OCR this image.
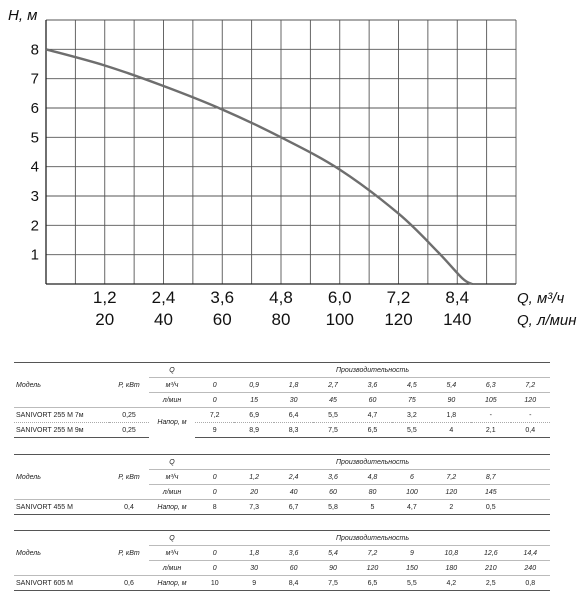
H, м
1
2
3
4
5
6
7
8
1,2 2,4 3,6 4,8 6,0 7,2 8,4
20 40 60 80 100 120 140
Q, м³/ч
Q, л/мин
		Q	Производительность								
Модель	P, кВт	м³/ч	0	0,9	1,8	2,7	3,6	4,5	5,4	6,3	7,2
		л/мин	0	15	30	45	60	75	90	105	120
SANIVORT 255 M 7м	0,25	Напор, м	7,2	6,9	6,4	5,5	4,7	3,2	1,8	-	-
SANIVORT 255 M 9м	0,25		9	8,9	8,3	7,5	6,5	5,5	4	2,1	0,4
		Q	Производительность								
Модель	P, кВт	м³/ч	0	1,2	2,4	3,6	4,8	6	7,2	8,7	
		л/мин	0	20	40	60	80	100	120	145	
SANIVORT 455 M	0,4	Напор, м	8	7,3	6,7	5,8	5	4,7	2	0,5	
		Q	Производительность								
Модель	P, кВт	м³/ч	0	1,8	3,6	5,4	7,2	9	10,8	12,6	14,4
		л/мин	0	30	60	90	120	150	180	210	240
SANIVORT 605 M	0,6	Напор, м	10	9	8,4	7,5	6,5	5,5	4,2	2,5	0,8
